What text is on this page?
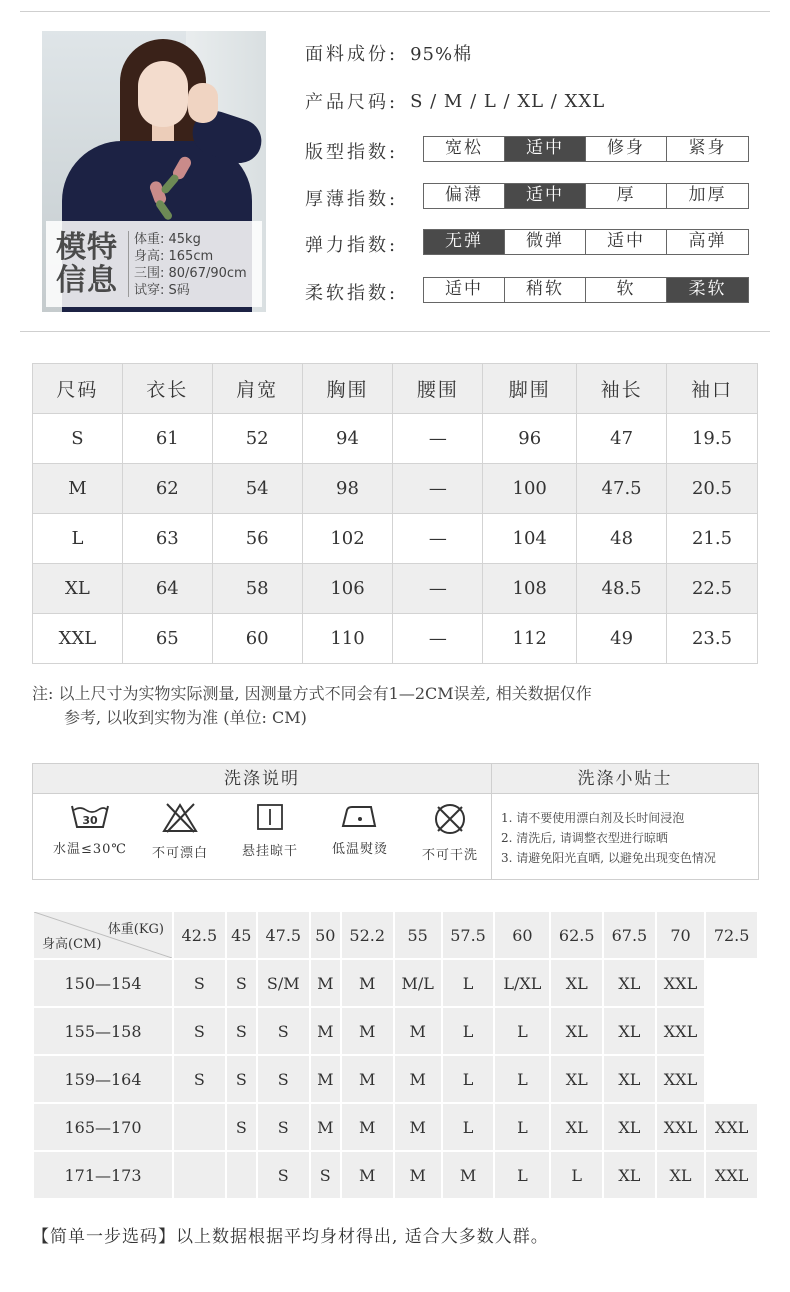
模特信息
体重: 45kg
身高: 165cm
三围: 80/67/90cm
试穿: S码
面料成份: 95%棉
产品尺码: S / M / L / XL / XXL
版型指数:	宽松	适中	修身	紧身
厚薄指数:	偏薄	适中	厚	加厚
弹力指数:	无弹	微弹	适中	高弹
柔软指数:	适中	稍软	软	柔软
尺码	衣长	肩宽	胸围	腰围	脚围	袖长	袖口
S	61	52	94	—	96	47	19.5
M	62	54	98	—	100	47.5	20.5
L	63	56	102	—	104	48	21.5
XL	64	58	106	—	108	48.5	22.5
XXL	65	60	110	—	112	49	23.5
注: 以上尺寸为实物实际测量, 因测量方式不同会有1—2CM误差, 相关数据仅作
参考, 以收到实物为准 (单位: CM)
洗涤说明	洗涤小贴士
30
水温≤30℃	不可漂白	悬挂晾干	低温熨烫	不可干洗
1. 请不要使用漂白剂及长时间浸泡
2. 清洗后, 请调整衣型进行晾晒
3. 请避免阳光直晒, 以避免出现变色情况
体重(KG)
身高(CM)	42.5	45	47.5	50	52.2	55	57.5	60	62.5	67.5	70	72.5
150—154	S	S	S/M	M	M	M/L	L	L/XL	XL	XL	XXL	
155—158	S	S	S	M	M	M	L	L	XL	XL	XXL	
159—164	S	S	S	M	M	M	L	L	XL	XL	XXL	
165—170		S	S	M	M	M	L	L	XL	XL	XXL	XXL
171—173			S	S	M	M	M	L	L	XL	XL	XXL
【简单一步选码】以上数据根据平均身材得出, 适合大多数人群。
